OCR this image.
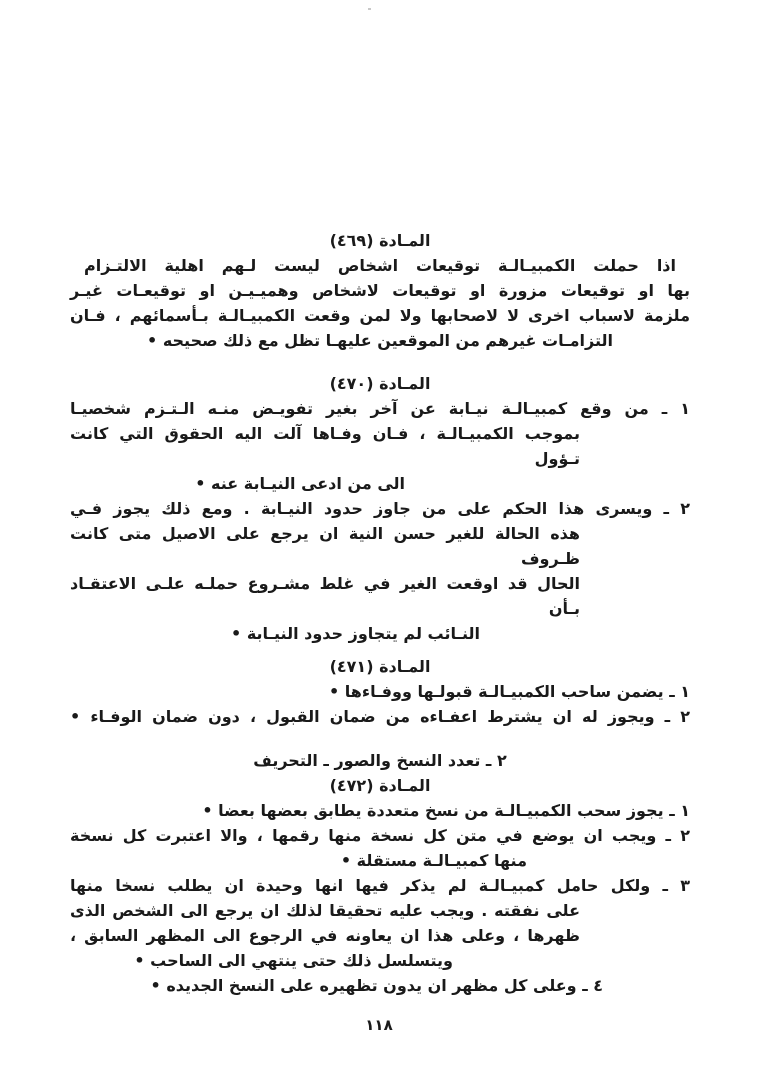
المـادة (٤٦٩)
اذا حملت الكمبيـالـة توقيعات اشخاص ليست لـهم اهلية الالتـزام
بها او توقيعات مزورة او توقيعات لاشخاص وهميـيـن او توقيعـات غيـر
ملزمة لاسباب اخرى لا لاصحابها ولا لمن وقعت الكمبيـالـة بـأسمائهم ، فـان
التزامـات غيرهم من الموقعين عليهـا تظل مع ذلك صحيحه •
المـادة (٤٧٠)
١ ـ من وقع كمبيـالـة نيـابة عن آخر بغير تفويـض منـه الـتـزم شخصيـا
بموجب الكمبيـالـة ، فـان وفـاها آلت اليه الحقوق التي كانت تـؤول
الى من ادعى النيـابة عنه •
٢ ـ ويسرى هذا الحكم على من جاوز حدود النيـابة . ومع ذلك يجوز فـي
هذه الحالة للغير حسن النية ان يرجع على الاصيل متى كانت ظـروف
الحال قد اوقعت الغير في غلط مشـروع حملـه علـى الاعتقـاد بـأن
النـائب لم يتجاوز حدود النيـابة •
المـادة (٤٧١)
١ ـ يضمن ساحب الكمبيـالـة قبولـها ووفـاءها •
٢ ـ ويجوز له ان يشترط اعفـاءه من ضمان القبول ، دون ضمان الوفـاء •
٢ ـ تعدد النسخ والصور ـ التحريف
المـادة (٤٧٢)
١ ـ يجوز سحب الكمبيـالـة من نسخ متعددة يطابق بعضها بعضا •
٢ ـ ويجب ان يوضع في متن كل نسخة منها رقمها ، والا اعتبرت كل نسخة
منها كمبيـالـة مستقلة •
٣ ـ ولكل حامل كمبيـالـة لم يذكر فيها انها وحيدة ان يطلب نسخا منها
على نفقته . ويجب عليه تحقيقا لذلك ان يرجع الى الشخص الذى
ظهرها ، وعلى هذا ان يعاونه في الرجوع الى المظهر السابق ،
ويتسلسل ذلك حتى ينتهي الى الساحب •
٤ ـ وعلى كل مظهر ان يدون تظهيره على النسخ الجديده •
١١٨
